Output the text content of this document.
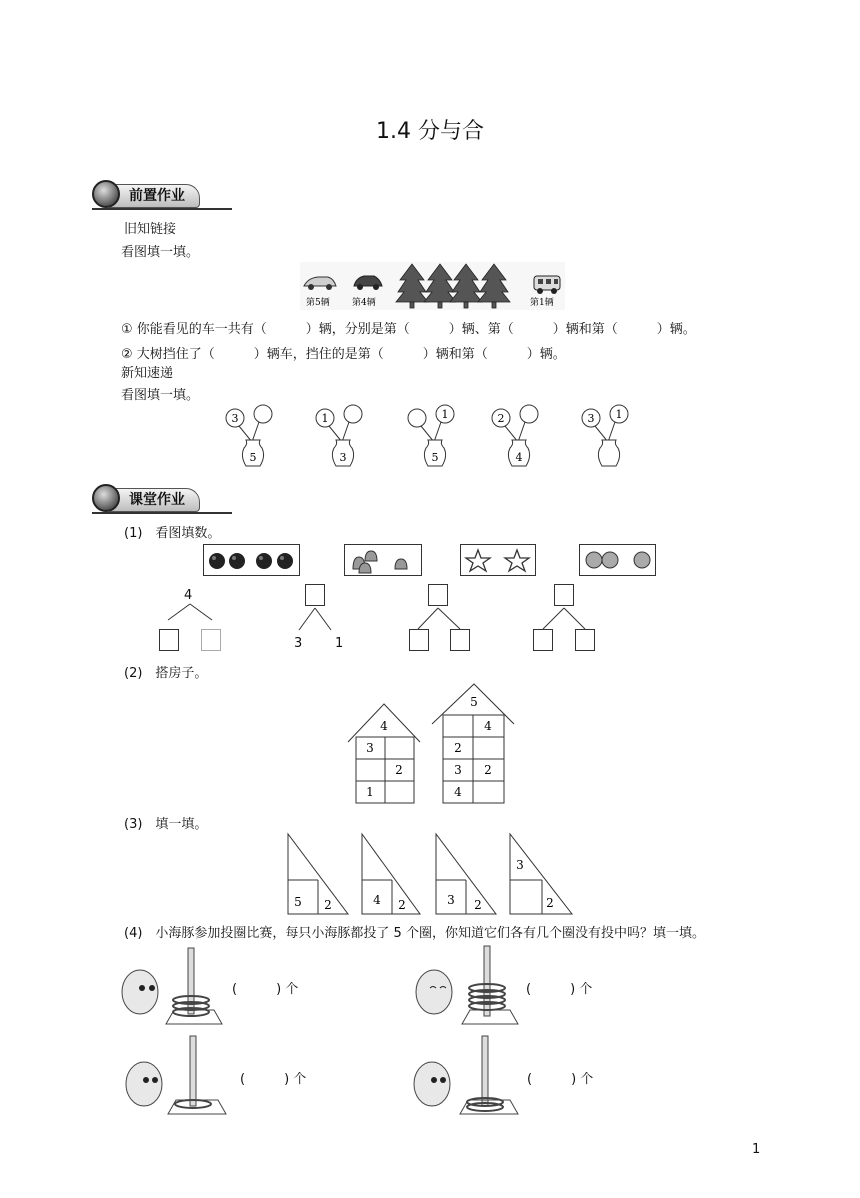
1.4 分与合
前置作业
旧知链接
看图填一填。
第5辆 第4辆	第1辆
① 你能看见的车一共有（　　　）辆，分别是第（　　　）辆、第（　　　）辆和第（　　　）辆。
② 大树挡住了（　　　）辆车，挡住的是第（　　　）辆和第（　　　）辆。
新知速递
看图填一填。
3
5
1
3
1
5
2
4
3 1
课堂作业
(1)　看图填数。
4
3	1
(2)　搭房子。
4
3
2
1
5
4
2
3 2
4
(3)　填一填。
5 2	4 2	3 2
3
2
(4)　小海豚参加投圈比赛，每只小海豚都投了 5 个圈，你知道它们各有几个圈没有投中吗？填一填。
(　　　) 个	(　　　) 个
(　　　) 个	(　　　) 个
1
